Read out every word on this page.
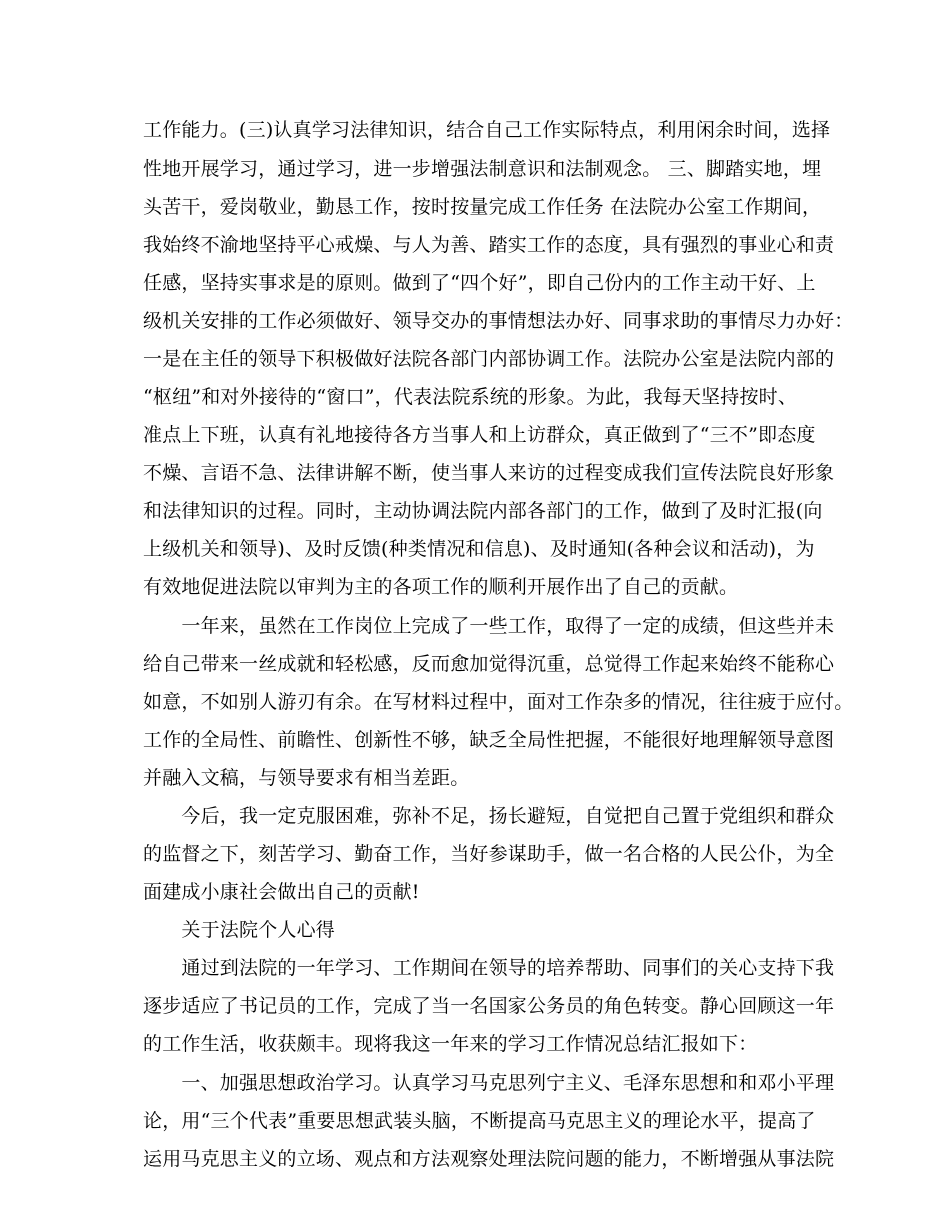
工作能力。(三)认真学习法律知识，结合自己工作实际特点，利用闲余时间，选择
性地开展学习，通过学习，进一步增强法制意识和法制观念。 三、脚踏实地，埋
头苦干，爱岗敬业，勤恳工作，按时按量完成工作任务 在法院办公室工作期间，
我始终不渝地坚持平心戒燥、与人为善、踏实工作的态度，具有强烈的事业心和责
任感，坚持实事求是的原则。做到了“四个好”，即自己份内的工作主动干好、上
级机关安排的工作必须做好、领导交办的事情想法办好、同事求助的事情尽力办好：
一是在主任的领导下积极做好法院各部门内部协调工作。法院办公室是法院内部的
“枢纽”和对外接待的“窗口”，代表法院系统的形象。为此，我每天坚持按时、
准点上下班，认真有礼地接待各方当事人和上访群众，真正做到了“三不”即态度
不燥、言语不急、法律讲解不断，使当事人来访的过程变成我们宣传法院良好形象
和法律知识的过程。同时，主动协调法院内部各部门的工作，做到了及时汇报(向
上级机关和领导)、及时反馈(种类情况和信息)、及时通知(各种会议和活动)，为
有效地促进法院以审判为主的各项工作的顺利开展作出了自己的贡献。
　　一年来，虽然在工作岗位上完成了一些工作，取得了一定的成绩，但这些并未
给自己带来一丝成就和轻松感，反而愈加觉得沉重，总觉得工作起来始终不能称心
如意，不如别人游刃有余。在写材料过程中，面对工作杂多的情况，往往疲于应付。
工作的全局性、前瞻性、创新性不够，缺乏全局性把握，不能很好地理解领导意图
并融入文稿，与领导要求有相当差距。
　　今后，我一定克服困难，弥补不足，扬长避短，自觉把自己置于党组织和群众
的监督之下，刻苦学习、勤奋工作，当好参谋助手，做一名合格的人民公仆，为全
面建成小康社会做出自己的贡献!
　　关于法院个人心得
　　通过到法院的一年学习、工作期间在领导的培养帮助、同事们的关心支持下我
逐步适应了书记员的工作，完成了当一名国家公务员的角色转变。静心回顾这一年
的工作生活，收获颇丰。现将我这一年来的学习工作情况总结汇报如下：
　　一、加强思想政治学习。认真学习马克思列宁主义、毛泽东思想和和邓小平理
论，用“三个代表”重要思想武装头脑，不断提高马克思主义的理论水平，提高了
运用马克思主义的立场、观点和方法观察处理法院问题的能力，不断增强从事法院
